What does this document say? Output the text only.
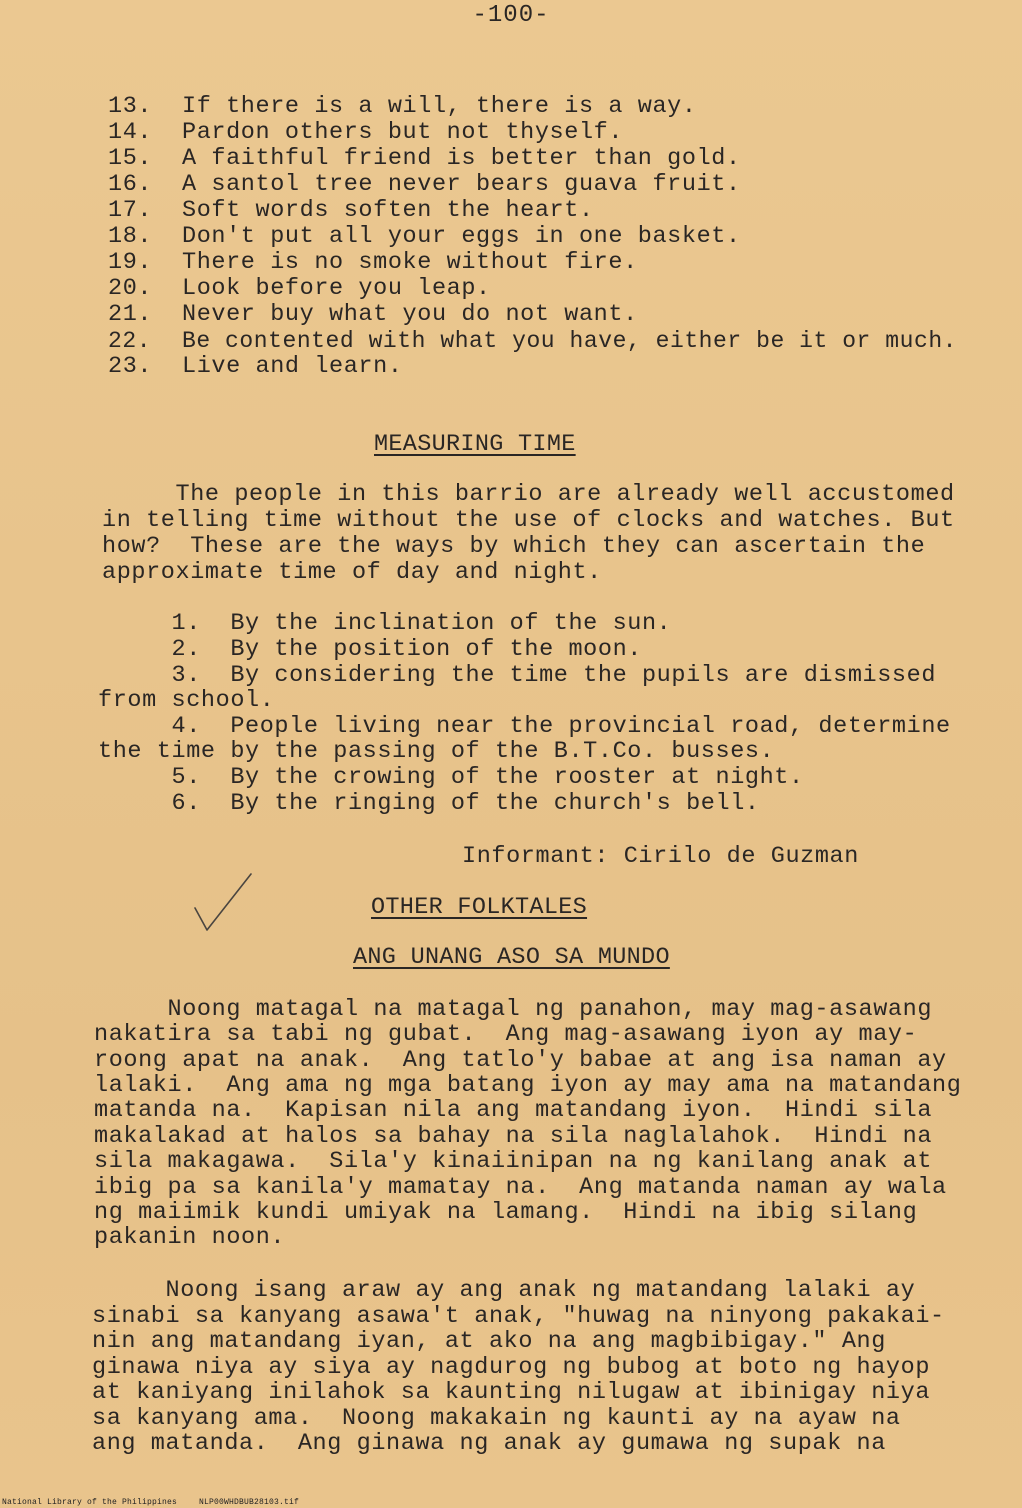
-100-
13. If there is a will, there is a way.
14. Pardon others but not thyself.
15. A faithful friend is better than gold.
16. A santol tree never bears guava fruit.
17. Soft words soften the heart.
18. Don't put all your eggs in one basket.
19. There is no smoke without fire.
20. Look before you leap.
21. Never buy what you do not want.
22. Be contented with what you have, either be it or much.
23. Live and learn.
MEASURING TIME
The people in this barrio are already well accustomed
in telling time without the use of clocks and watches. But
how?  These are the ways by which they can ascertain the
approximate time of day and night.
1.  By the inclination of the sun.
2.  By the position of the moon.
3.  By considering the time the pupils are dismissed
from school.
4.  People living near the provincial road, determine
the time by the passing of the B.T.Co. busses.
5.  By the crowing of the rooster at night.
6.  By the ringing of the church's bell.
Informant: Cirilo de Guzman
OTHER FOLKTALES
ANG UNANG ASO SA MUNDO
Noong matagal na matagal ng panahon, may mag-asawang
nakatira sa tabi ng gubat.  Ang mag-asawang iyon ay may-
roong apat na anak.  Ang tatlo'y babae at ang isa naman ay
lalaki.  Ang ama ng mga batang iyon ay may ama na matandang
matanda na.  Kapisan nila ang matandang iyon.  Hindi sila
makalakad at halos sa bahay na sila naglalahok.  Hindi na
sila makagawa.  Sila'y kinaiinipan na ng kanilang anak at
ibig pa sa kanila'y mamatay na.  Ang matanda naman ay wala
ng maiimik kundi umiyak na lamang.  Hindi na ibig silang
pakanin noon.
Noong isang araw ay ang anak ng matandang lalaki ay
sinabi sa kanyang asawa't anak, "huwag na ninyong pakakai-
nin ang matandang iyan, at ako na ang magbibigay." Ang
ginawa niya ay siya ay nagdurog ng bubog at boto ng hayop
at kaniyang inilahok sa kaunting nilugaw at ibinigay niya
sa kanyang ama.  Noong makakain ng kaunti ay na ayaw na
ang matanda.  Ang ginawa ng anak ay gumawa ng supak na
National Library of the Philippines	NLP00WHDBUB28103.tif
